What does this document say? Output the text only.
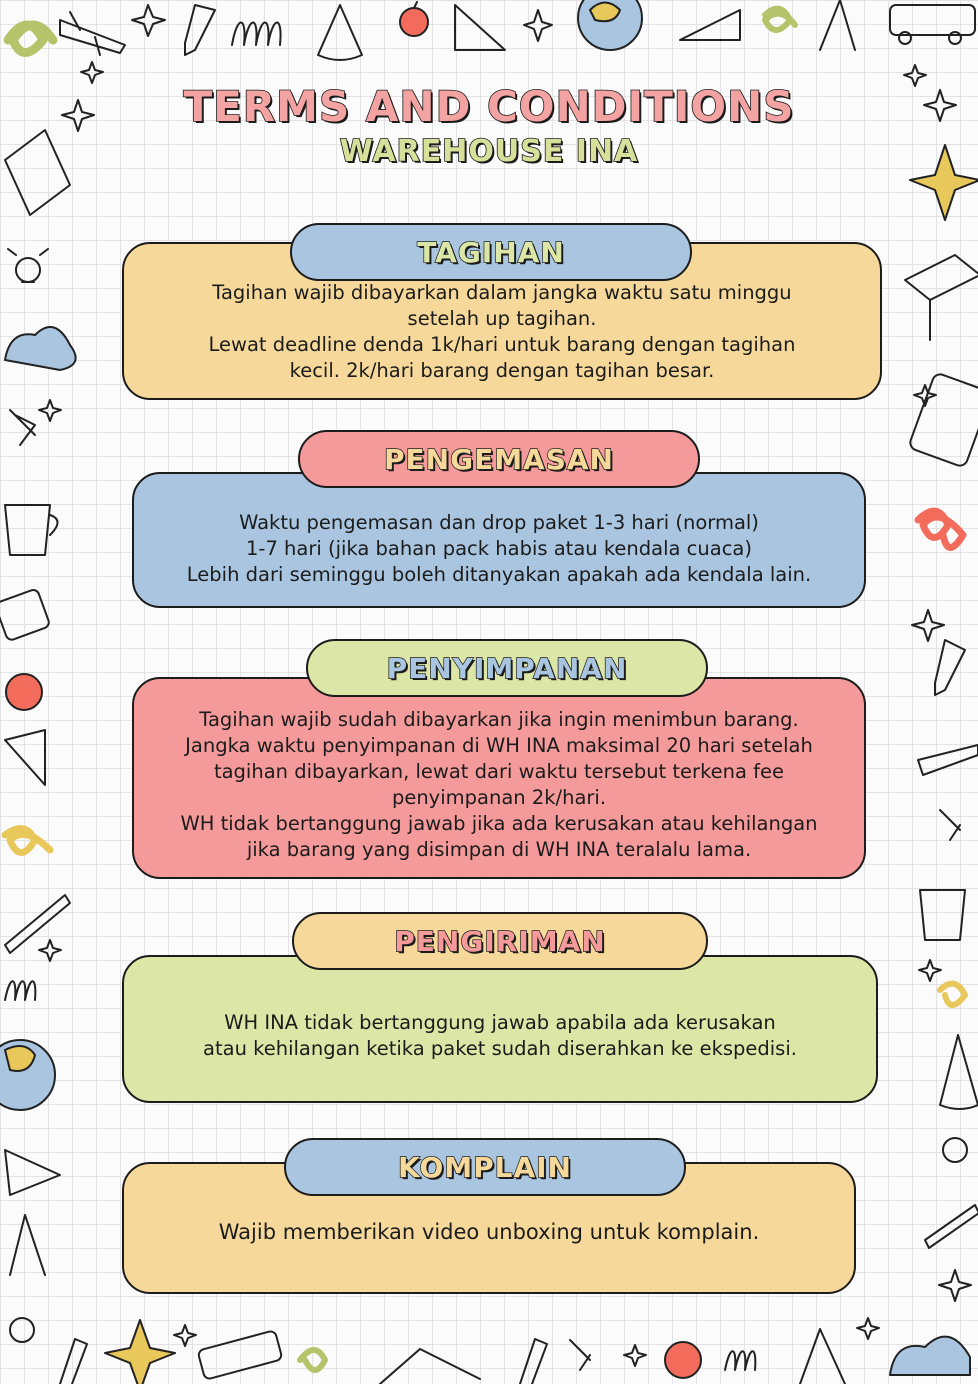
TERMS AND CONDITIONS
WAREHOUSE INA
Tagihan wajib dibayarkan dalam jangka waktu satu minggu
setelah up tagihan.
Lewat deadline denda 1k/hari untuk barang dengan tagihan
kecil. 2k/hari barang dengan tagihan besar.
TAGIHAN
Waktu pengemasan dan drop paket 1-3 hari (normal)
1-7 hari (jika bahan pack habis atau kendala cuaca)
Lebih dari seminggu boleh ditanyakan apakah ada kendala lain.
PENGEMASAN
Tagihan wajib sudah dibayarkan jika ingin menimbun barang.
Jangka waktu penyimpanan di WH INA maksimal 20 hari setelah
tagihan dibayarkan, lewat dari waktu tersebut terkena fee
penyimpanan 2k/hari.
WH tidak bertanggung jawab jika ada kerusakan atau kehilangan
jika barang yang disimpan di WH INA teralalu lama.
PENYIMPANAN
WH INA tidak bertanggung jawab apabila ada kerusakan
atau kehilangan ketika paket sudah diserahkan ke ekspedisi.
PENGIRIMAN
Wajib memberikan video unboxing untuk komplain.
KOMPLAIN
